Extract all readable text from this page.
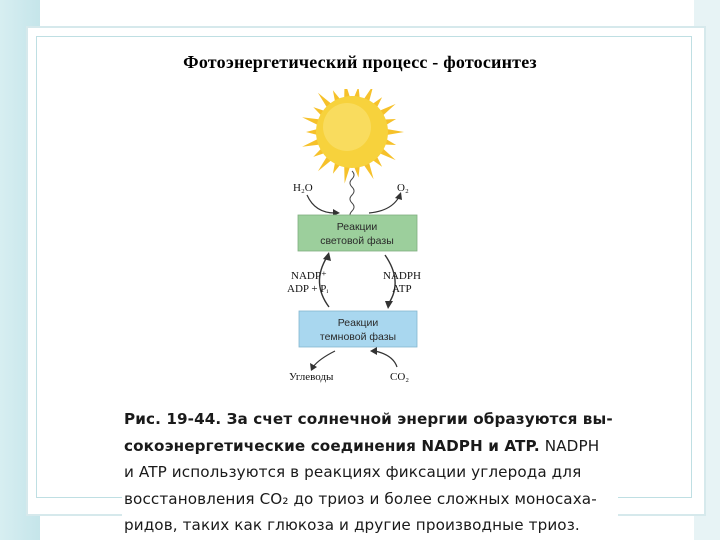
Фотоэнергетический процесс - фотосинтез
H₂O	O₂
Реакции
световой фазы
NADP⁺
ADP + Pᵢ
NADPH
ATP
Реакции
темновой фазы
Углеводы	CO₂
Рис. 19-44. За счет солнечной энергии образуются вы-
сокоэнергетические соединения NADPH и ATP. NADPH
и ATP используются в реакциях фиксации углерода для
восстановления CO₂ до триоз и более сложных моносаха-
ридов, таких как глюкоза и другие производные триоз.
